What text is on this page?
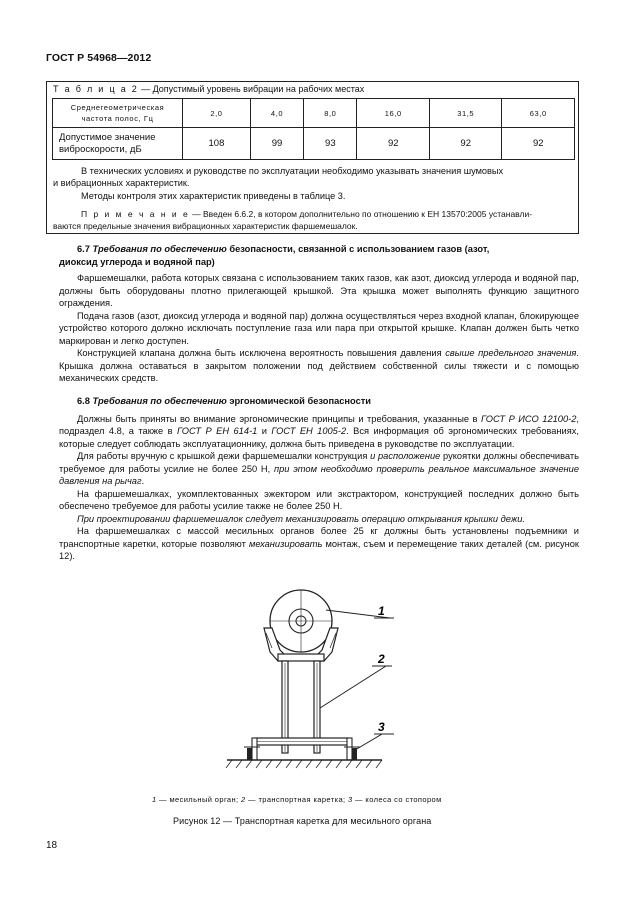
ГОСТ Р 54968—2012
Т а б л и ц а 2 — Допустимый уровень вибрации на рабочих местах
Среднегеометрическая
частота полос, Гц	2,0	4,0	8,0	16,0	31,5	63,0
Допустимое значение
виброскорости, дБ	108	99	93	92	92	92
В технических условиях и руководстве по эксплуатации необходимо указывать значения шумовых
и вибрационных характеристик.
Методы контроля этих характеристик приведены в таблице 3.
П р и м е ч а н и е — Введен 6.6.2, в котором дополнительно по отношению к ЕН 13570:2005 устанавли-
ваются предельные значения вибрационных характеристик фаршемешалок.

6.7 Требования по обеспечению безопасности, связанной с использованием газов (азот,

диоксид углерода и водяной пар)

Фаршемешалки, работа которых связана с использованием таких газов, как азот, диоксид углерода и водяной пар, должны быть оборудованы плотно прилегающей крышкой. Эта крышка может выполнять функцию защитного ограждения.

Подача газов (азот, диоксид углерода и водяной пар) должна осуществляться через входной клапан, блокирующее устройство которого должно исключать поступление газа или пара при открытой крышке. Клапан должен быть четко маркирован и легко доступен.

Конструкцией клапана должна быть исключена вероятность повышения давления свыше предельного значения. Крышка должна оставаться в закрытом положении под действием собственной силы тяжести и с помощью механических средств.

6.8 Требования по обеспечению эргономической безопасности

Должны быть приняты во внимание эргономические принципы и требования, указанные в ГОСТ Р ИСО 12100-2, подраздел 4.8, а также в ГОСТ Р ЕН 614-1 и ГОСТ ЕН 1005-2. Вся информация об эргономических требованиях, которые следует соблюдать эксплуатационнику, должна быть приведена в руководстве по эксплуатации.

Для работы вручную с крышкой дежи фаршемешалки конструкция и расположение рукоятки должны обеспечивать требуемое для работы усилие не более 250 Н, при этом необходимо проверить реальное максимальное значение давления на рычаг.

На фаршемешалках, укомплектованных эжектором или экстрактором, конструкцией последних должно быть обеспечено требуемое для работы усилие также не более 250 Н.

При проектировании фаршемешалок следует механизировать операцию открывания крышки дежи.

На фаршемешалках с массой месильных органов более 25 кг должны быть установлены подъемники и транспортные каретки, которые позволяют механизировать монтаж, съем и перемещение таких деталей (см. рисунок 12).

1
2
3
1 — месильный орган; 2 — транспортная каретка; 3 — колеса со стопором
Рисунок 12 — Транспортная каретка для месильного органа
18
